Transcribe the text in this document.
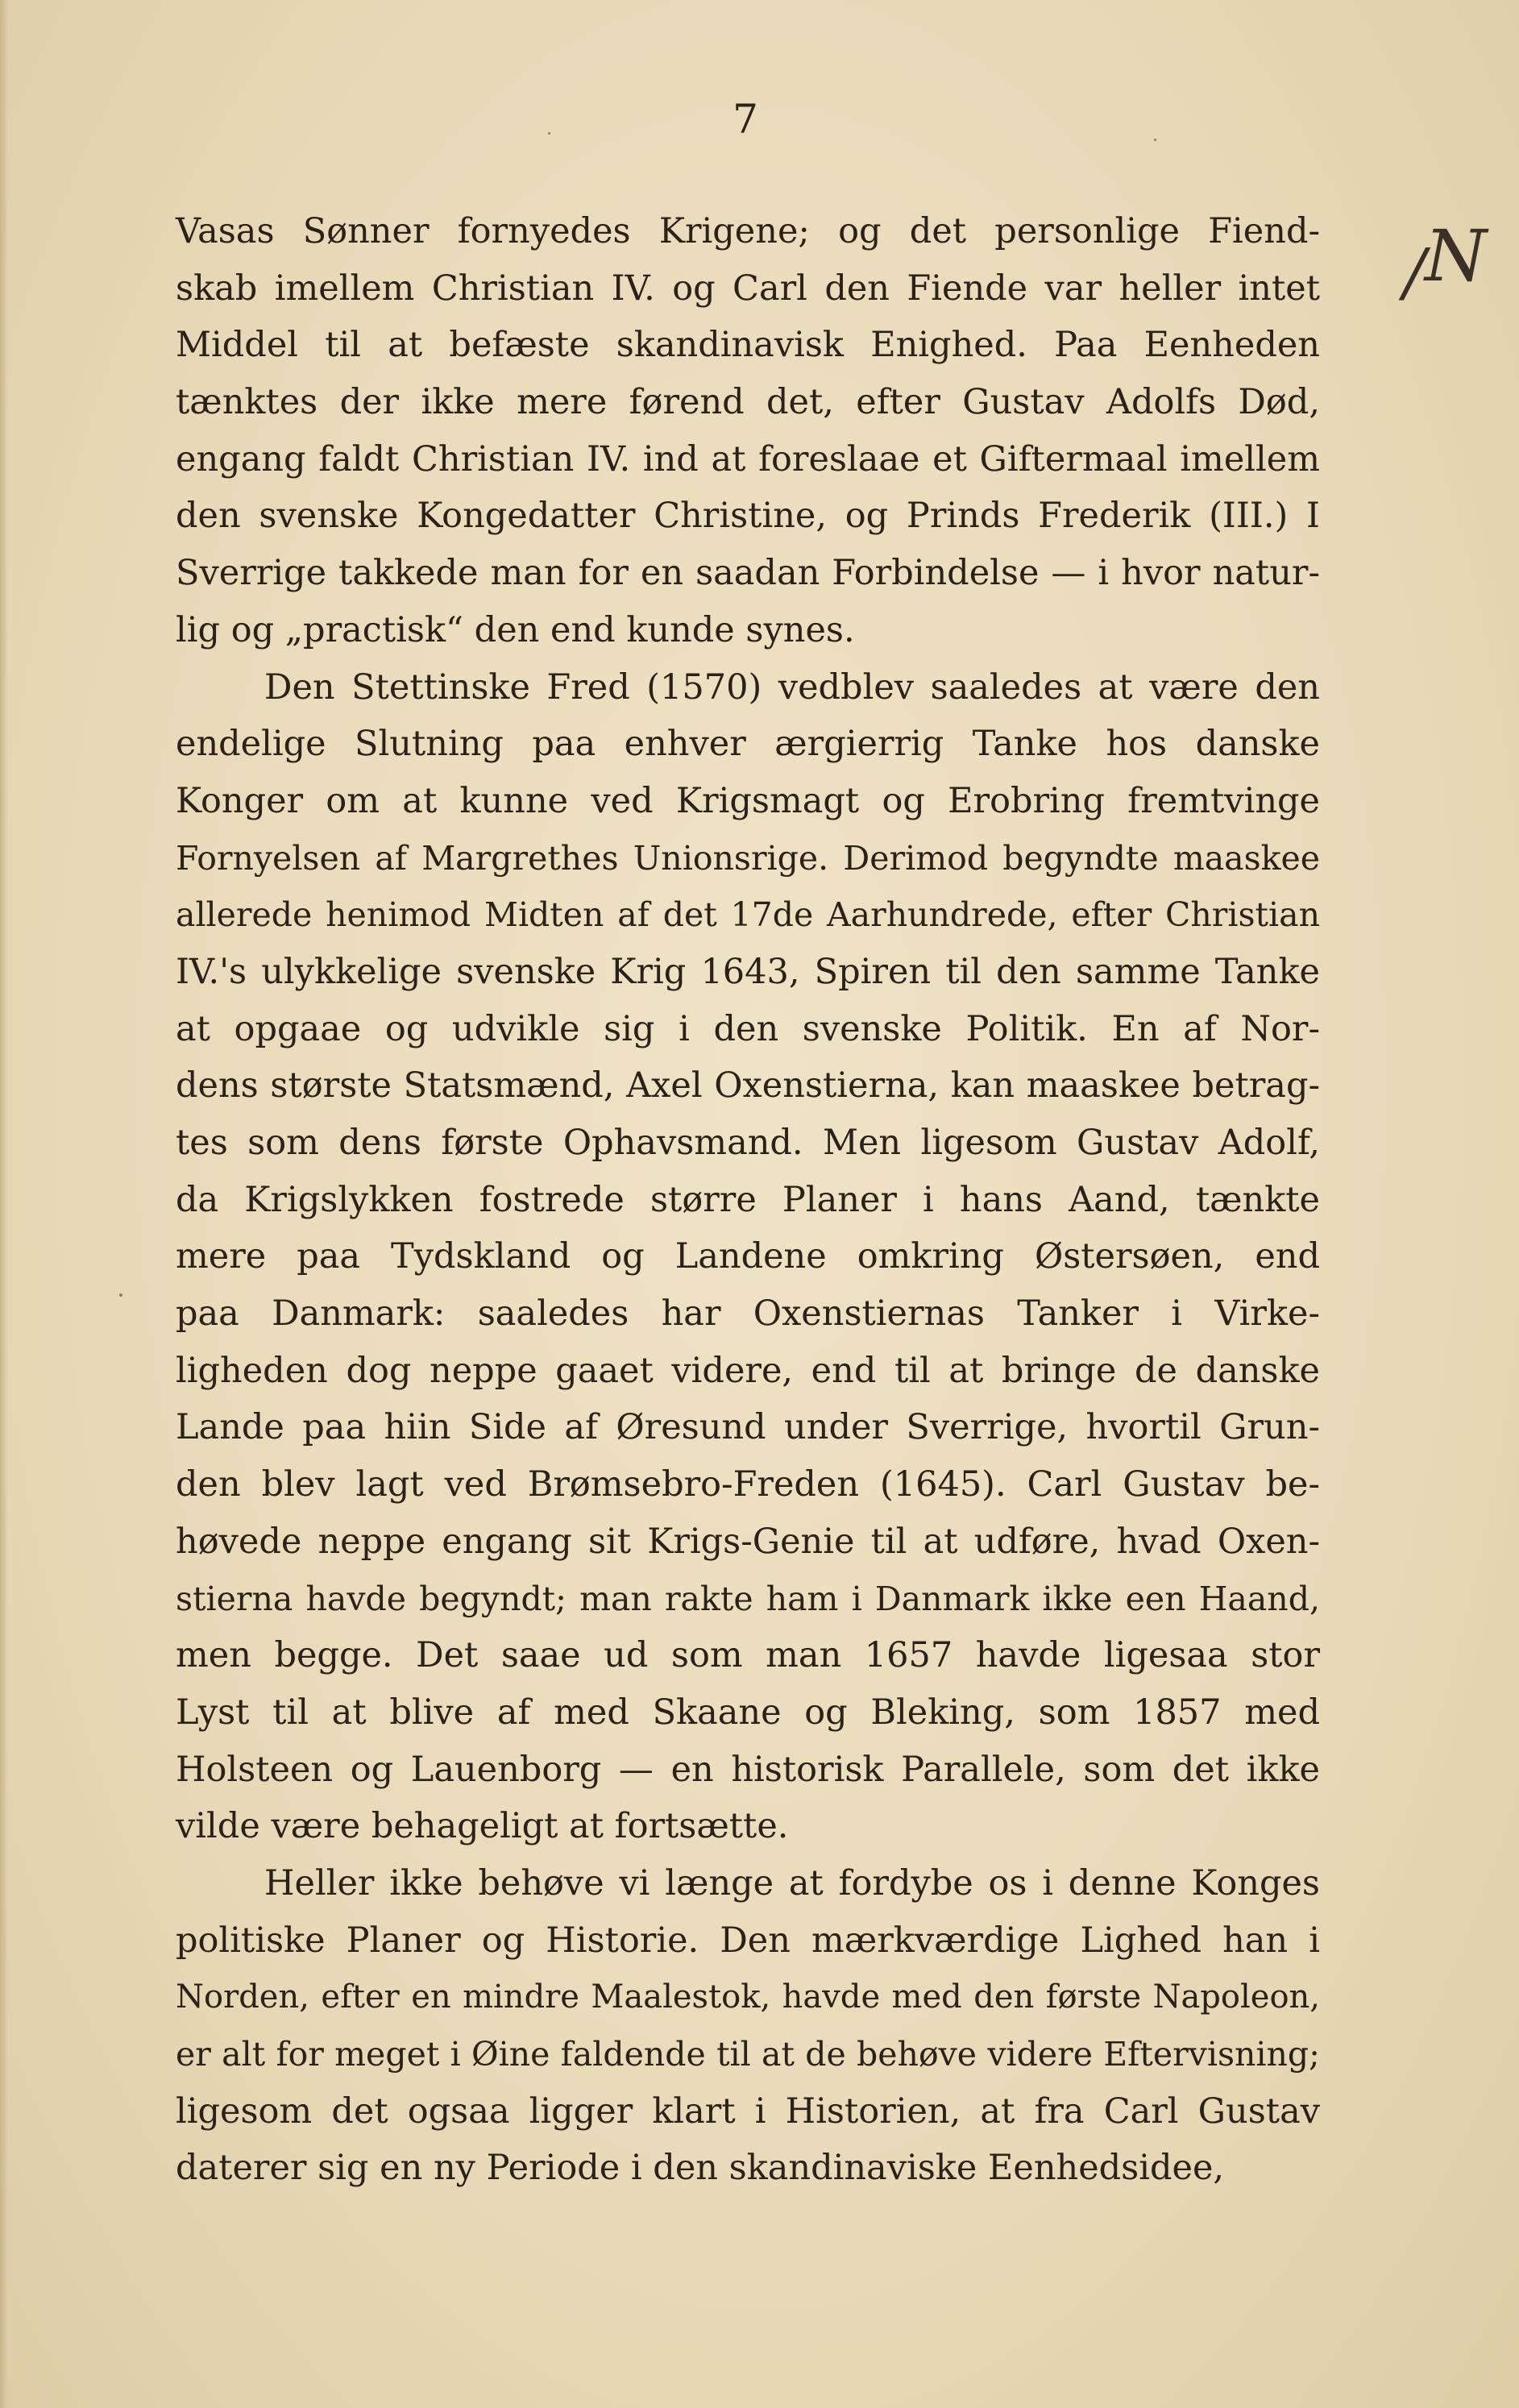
7
/ N
Vasas Sønner fornyedes Krigene; og det personlige Fiend-
skab imellem Christian IV. og Carl den Fiende var heller intet
Middel til at befæste skandinavisk Enighed. Paa Eenheden
tænktes der ikke mere førend det, efter Gustav Adolfs Død,
engang faldt Christian IV. ind at foreslaae et Giftermaal imellem
den svenske Kongedatter Christine, og Prinds Frederik (III.) I
Sverrige takkede man for en saadan Forbindelse — i hvor natur-
lig og „practisk“ den end kunde synes.
Den Stettinske Fred (1570) vedblev saaledes at være den
endelige Slutning paa enhver ærgierrig Tanke hos danske
Konger om at kunne ved Krigsmagt og Erobring fremtvinge
Fornyelsen af Margrethes Unionsrige. Derimod begyndte maaskee
allerede henimod Midten af det 17de Aarhundrede, efter Christian
IV.'s ulykkelige svenske Krig 1643, Spiren til den samme Tanke
at opgaae og udvikle sig i den svenske Politik. En af Nor-
dens største Statsmænd, Axel Oxenstierna, kan maaskee betrag-
tes som dens første Ophavsmand. Men ligesom Gustav Adolf,
da Krigslykken fostrede større Planer i hans Aand, tænkte
mere paa Tydskland og Landene omkring Østersøen, end
paa Danmark: saaledes har Oxenstiernas Tanker i Virke-
ligheden dog neppe gaaet videre, end til at bringe de danske
Lande paa hiin Side af Øresund under Sverrige, hvortil Grun-
den blev lagt ved Brømsebro-Freden (1645). Carl Gustav be-
høvede neppe engang sit Krigs-Genie til at udføre, hvad Oxen-
stierna havde begyndt; man rakte ham i Danmark ikke een Haand,
men begge. Det saae ud som man 1657 havde ligesaa stor
Lyst til at blive af med Skaane og Bleking, som 1857 med
Holsteen og Lauenborg — en historisk Parallele, som det ikke
vilde være behageligt at fortsætte.
Heller ikke behøve vi længe at fordybe os i denne Konges
politiske Planer og Historie. Den mærkværdige Lighed han i
Norden, efter en mindre Maalestok, havde med den første Napoleon,
er alt for meget i Øine faldende til at de behøve videre Eftervisning;
ligesom det ogsaa ligger klart i Historien, at fra Carl Gustav
daterer sig en ny Periode i den skandinaviske Eenhedsidee,
